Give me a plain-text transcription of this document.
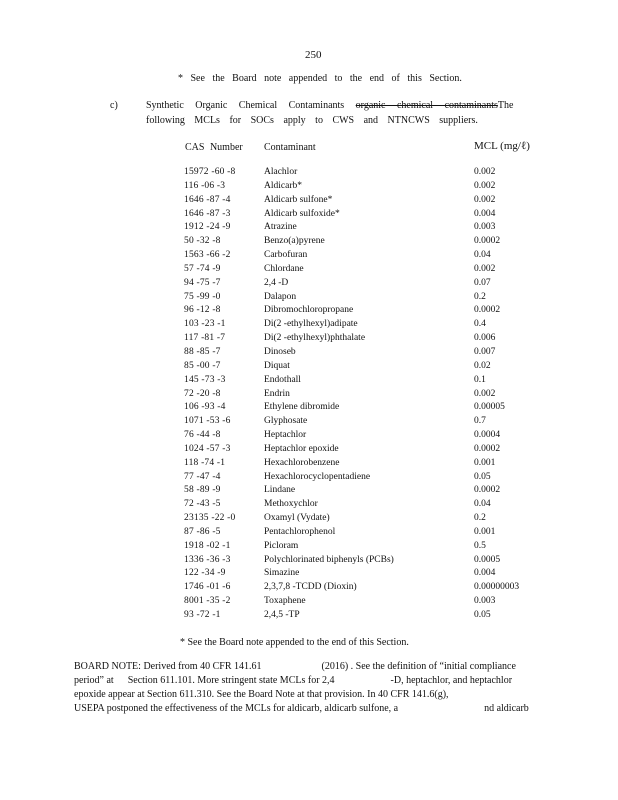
250
* See the Board note appended to the end of this Section.
c)	Synthetic Organic Chemical Contaminants organic chemical contaminantsThe
following MCLs for SOCs apply to CWS and NTNCWS suppliers.
CAS Number Contaminant	MCL (mg/ℓ)
15972 -60 -8	Alachlor	0.002
116 -06 -3	Aldicarb*	0.002
1646 -87 -4	Aldicarb sulfone*	0.002
1646 -87 -3	Aldicarb sulfoxide*	0.004
1912 -24 -9	Atrazine	0.003
50 -32 -8	Benzo(a)pyrene	0.0002
1563 -66 -2	Carbofuran	0.04
57 -74 -9	Chlordane	0.002
94 -75 -7	2,4 -D	0.07
75 -99 -0	Dalapon	0.2
96 -12 -8	Dibromochloropropane	0.0002
103 -23 -1	Di(2 -ethylhexyl)adipate	0.4
117 -81 -7	Di(2 -ethylhexyl)phthalate	0.006
88 -85 -7	Dinoseb	0.007
85 -00 -7	Diquat	0.02
145 -73 -3	Endothall	0.1
72 -20 -8	Endrin	0.002
106 -93 -4	Ethylene dibromide	0.00005
1071 -53 -6	Glyphosate	0.7
76 -44 -8	Heptachlor	0.0004
1024 -57 -3	Heptachlor epoxide	0.0002
118 -74 -1	Hexachlorobenzene	0.001
77 -47 -4	Hexachlorocyclopentadiene	0.05
58 -89 -9	Lindane	0.0002
72 -43 -5	Methoxychlor	0.04
23135 -22 -0	Oxamyl (Vydate)	0.2
87 -86 -5	Pentachlorophenol	0.001
1918 -02 -1	Picloram	0.5
1336 -36 -3	Polychlorinated biphenyls (PCBs)	0.0005
122 -34 -9	Simazine	0.004
1746 -01 -6	2,3,7,8 -TCDD (Dioxin)	0.00000003
8001 -35 -2	Toxaphene	0.003
93 -72 -1	2,4,5 -TP	0.05
* See the Board note appended to the end of this Section.
BOARD NOTE: Derived from 40 CFR 141.61	(2016) . See the definition of “initial compliance
period” at Section 611.101. More stringent state MCLs for 2,4	-D, heptachlor, and heptachlor
epoxide appear at Section 611.310. See the Board Note at that provision. In 40 CFR 141.6(g),
USEPA postponed the effectiveness of the MCLs for aldicarb, aldicarb sulfone, a	nd aldicarb
